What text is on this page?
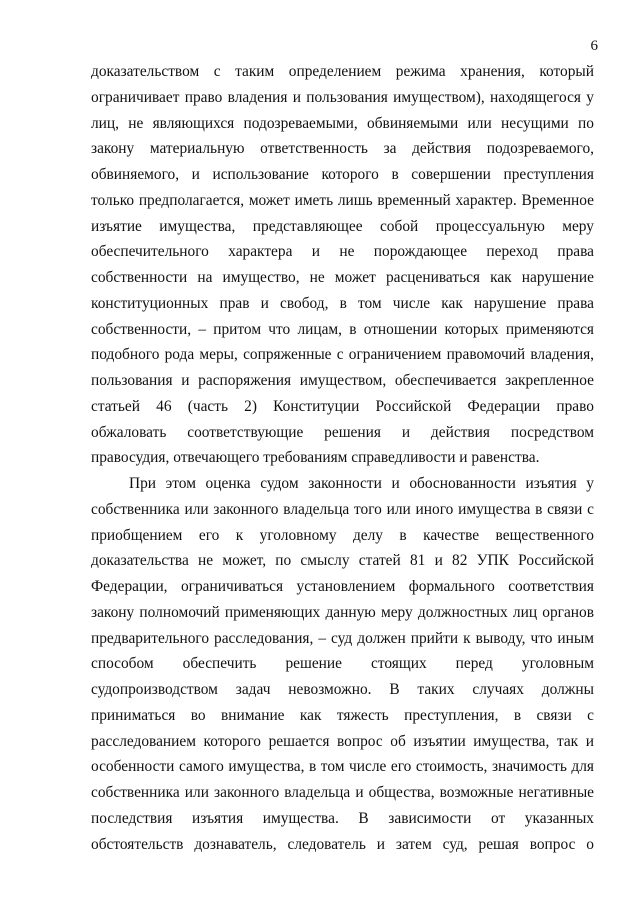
6
доказательством с таким определением режима хранения, который
ограничивает право владения и пользования имуществом), находящегося у
лиц, не являющихся подозреваемыми, обвиняемыми или несущими по
закону материальную ответственность за действия подозреваемого,
обвиняемого, и использование которого в совершении преступления
только предполагается, может иметь лишь временный характер. Временное
изъятие имущества, представляющее собой процессуальную меру
обеспечительного характера и не порождающее переход права
собственности на имущество, не может расцениваться как нарушение
конституционных прав и свобод, в том числе как нарушение права
собственности, – притом что лицам, в отношении которых применяются
подобного рода меры, сопряженные с ограничением правомочий владения,
пользования и распоряжения имуществом, обеспечивается закрепленное
статьей 46 (часть 2) Конституции Российской Федерации право
обжаловать соответствующие решения и действия посредством
правосудия, отвечающего требованиям справедливости и равенства.
При этом оценка судом законности и обоснованности изъятия у
собственника или законного владельца того или иного имущества в связи с
приобщением его к уголовному делу в качестве вещественного
доказательства не может, по смыслу статей 81 и 82 УПК Российской
Федерации, ограничиваться установлением формального соответствия
закону полномочий применяющих данную меру должностных лиц органов
предварительного расследования, – суд должен прийти к выводу, что иным
способом обеспечить решение стоящих перед уголовным
судопроизводством задач невозможно. В таких случаях должны
приниматься во внимание как тяжесть преступления, в связи с
расследованием которого решается вопрос об изъятии имущества, так и
особенности самого имущества, в том числе его стоимость, значимость для
собственника или законного владельца и общества, возможные негативные
последствия изъятия имущества. В зависимости от указанных
обстоятельств дознаватель, следователь и затем суд, решая вопрос о
